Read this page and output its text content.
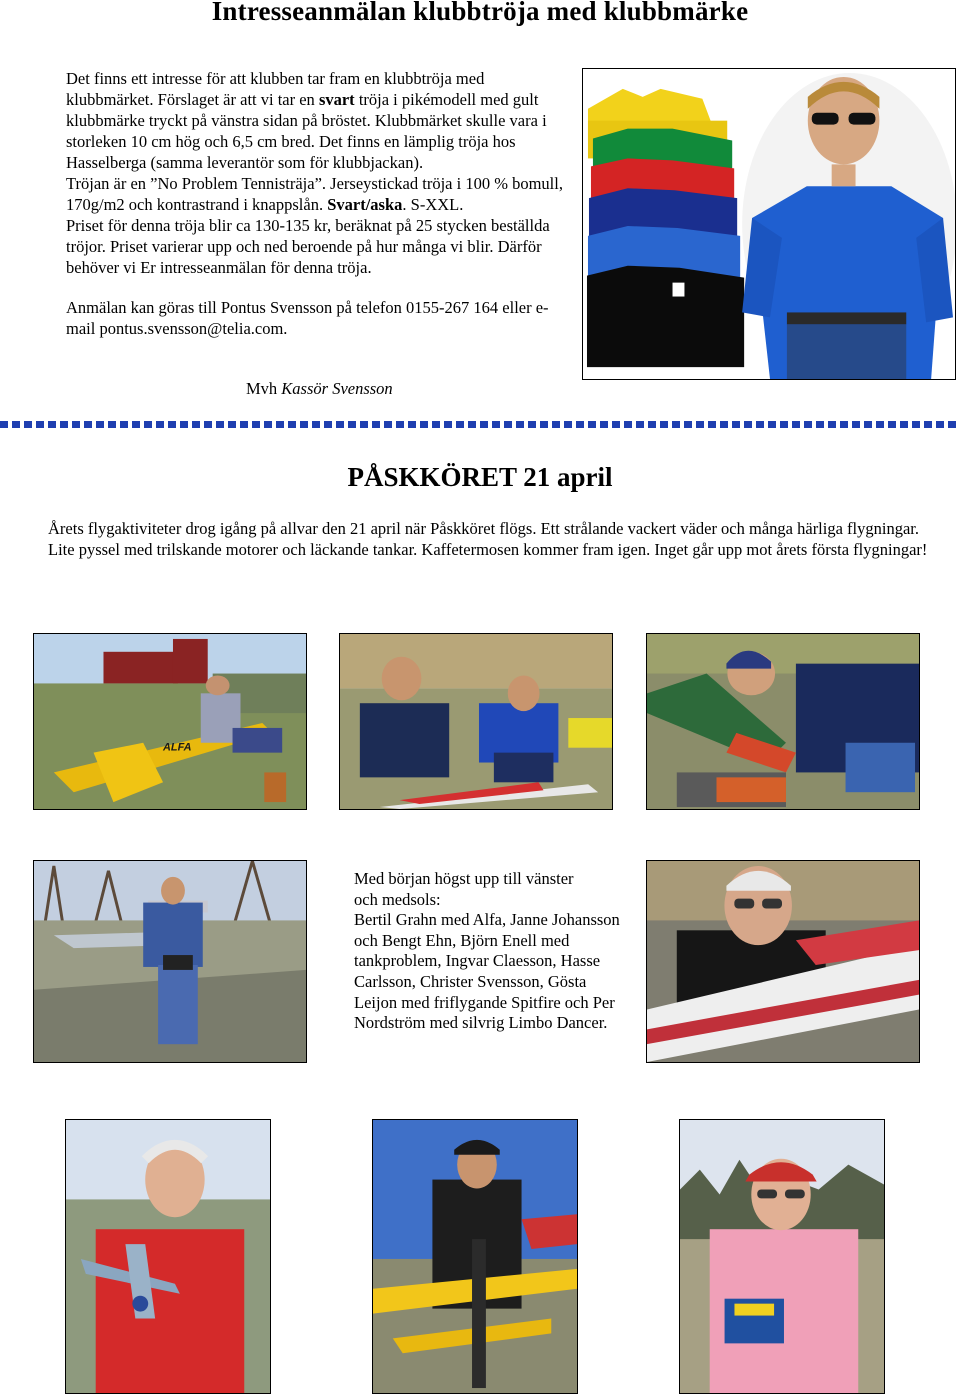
Intresseanmälan klubbtröja med klubbmärke

Det finns ett intresse för att klubben tar fram en klubbtröja med klubbmärket. Förslaget är att vi tar en svart tröja i pikémodell med gult klubbmärke tryckt på vänstra sidan på bröstet. Klubbmärket skulle vara i storleken 10 cm hög och 6,5 cm bred. Det finns en lämplig tröja hos Hasselberga (samma leverantör som för klubbjackan).

Tröjan är en ”No Problem Tennisträja”. Jerseystickad tröja i 100 % bomull, 170g/m2 och kontrastrand i knappslån. Svart/aska. S-XXL.

Priset för denna tröja blir ca 130-135 kr, beräknat på 25 stycken beställda tröjor. Priset varierar upp och ned beroende på hur många vi blir. Därför behöver vi Er intresseanmälan för denna tröja.

Anmälan kan göras till Pontus Svensson på telefon 0155-267 164 eller e-mail pontus.svensson@telia.com.

Mvh Kassör Svensson
PÅSKKÖRET 21 april
Årets flygaktiviteter drog igång på allvar den 21 april när Påskköret flögs. Ett strålande vackert väder och många härliga flygningar. Lite pyssel med trilskande motorer och läckande tankar. Kaffetermosen kommer fram igen. Inget går upp mot årets första flygningar!
ALFA

Med början högst upp till vänster

och medsols:

Bertil Grahn med Alfa, Janne Johansson och Bengt Ehn, Björn Enell med tankproblem, Ingvar Claesson, Hasse Carlsson, Christer Svensson, Gösta Leijon med friflygande Spitfire och Per Nordström med silvrig Limbo Dancer.
